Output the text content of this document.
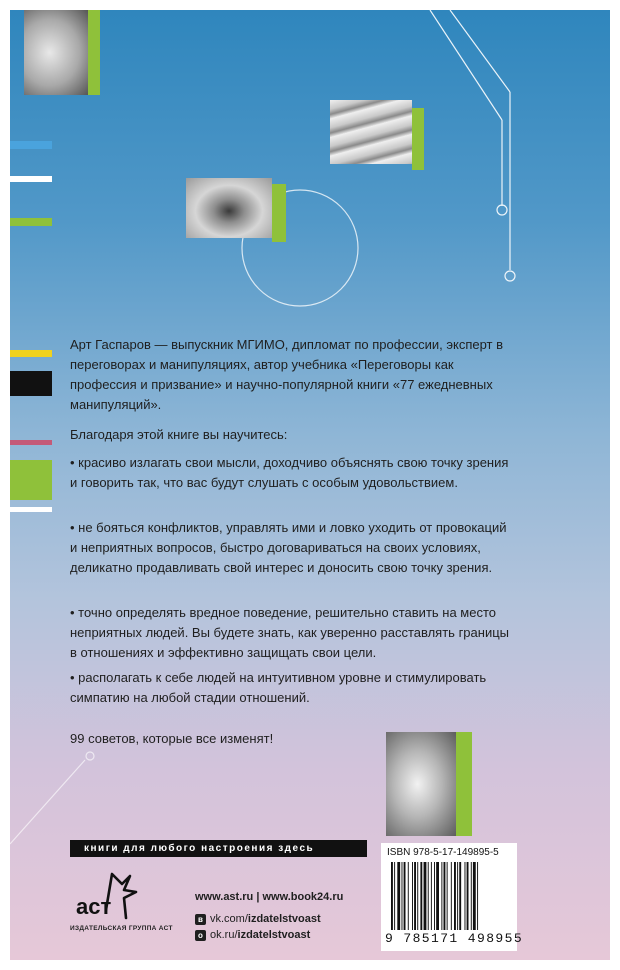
Арт Гаспаров — выпускник МГИМО, дипломат по профессии, эксперт в переговорах и манипуляциях, автор учебника «Переговоры как профессия и призвание» и научно-популярной книги «77 ежедневных манипуляций».
Благодаря этой книге вы научитесь:
• красиво излагать свои мысли, доходчиво объяснять свою точку зрения и говорить так, что вас будут слушать с особым удовольствием.
• не бояться конфликтов, управлять ими и ловко уходить от провокаций и неприятных вопросов, быстро договариваться на своих условиях, деликатно продавливать свой интерес и доносить свою точку зрения.
• точно определять вредное поведение, решительно ставить на место неприятных людей. Вы будете знать, как уверенно расставлять границы в отношениях и эффективно защищать свои цели.
• располагать к себе людей на интуитивном уровне и стимулировать симпатию на любой стадии отношений.
99 советов, которые все изменят!
книги для любого настроения здесь
аст
ИЗДАТЕЛЬСКАЯ ГРУППА АСТ
www.ast.ru | www.book24.ru
в vk.com/ izdatelstvoast
о ok.ru/ izdatelstvoast
ISBN 978-5-17-149895-5
9 785171 498955
